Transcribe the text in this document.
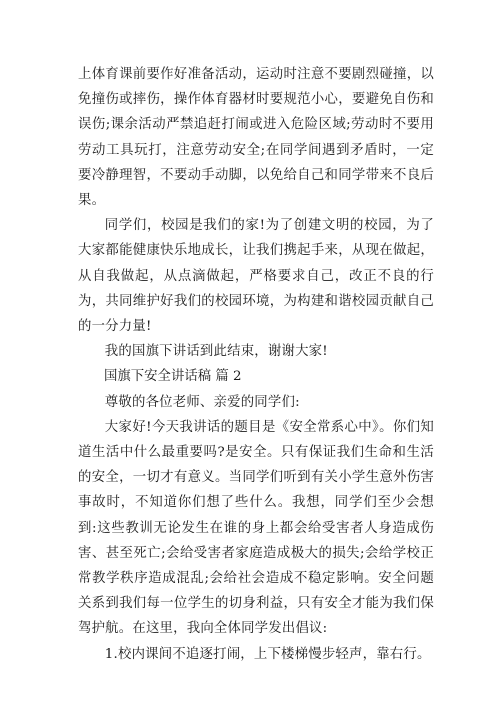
上体育课前要作好准备活动，运动时注意不要剧烈碰撞，以免撞伤或摔伤，操作体育器材时要规范小心，要避免自伤和误伤;课余活动严禁追赶打闹或进入危险区域;劳动时不要用劳动工具玩打，注意劳动安全;在同学间遇到矛盾时，一定要冷静理智，不要动手动脚，以免给自己和同学带来不良后果。

同学们，校园是我们的家!为了创建文明的校园，为了大家都能健康快乐地成长，让我们携起手来，从现在做起，从自我做起，从点滴做起，严格要求自己，改正不良的行为，共同维护好我们的校园环境，为构建和谐校园贡献自己的一分力量!

我的国旗下讲话到此结束，谢谢大家!

国旗下安全讲话稿 篇 2

尊敬的各位老师、亲爱的同学们:

大家好!今天我讲话的题目是《安全常系心中》。你们知道生活中什么最重要吗?是安全。只有保证我们生命和生活的安全，一切才有意义。当同学们听到有关小学生意外伤害事故时，不知道你们想了些什么。我想，同学们至少会想到:这些教训无论发生在谁的身上都会给受害者人身造成伤害、甚至死亡;会给受害者家庭造成极大的损失;会给学校正常教学秩序造成混乱;会给社会造成不稳定影响。安全问题关系到我们每一位学生的切身利益，只有安全才能为我们保驾护航。在这里，我向全体同学发出倡议:

1.校内课间不追逐打闹，上下楼梯慢步轻声，靠右行。
